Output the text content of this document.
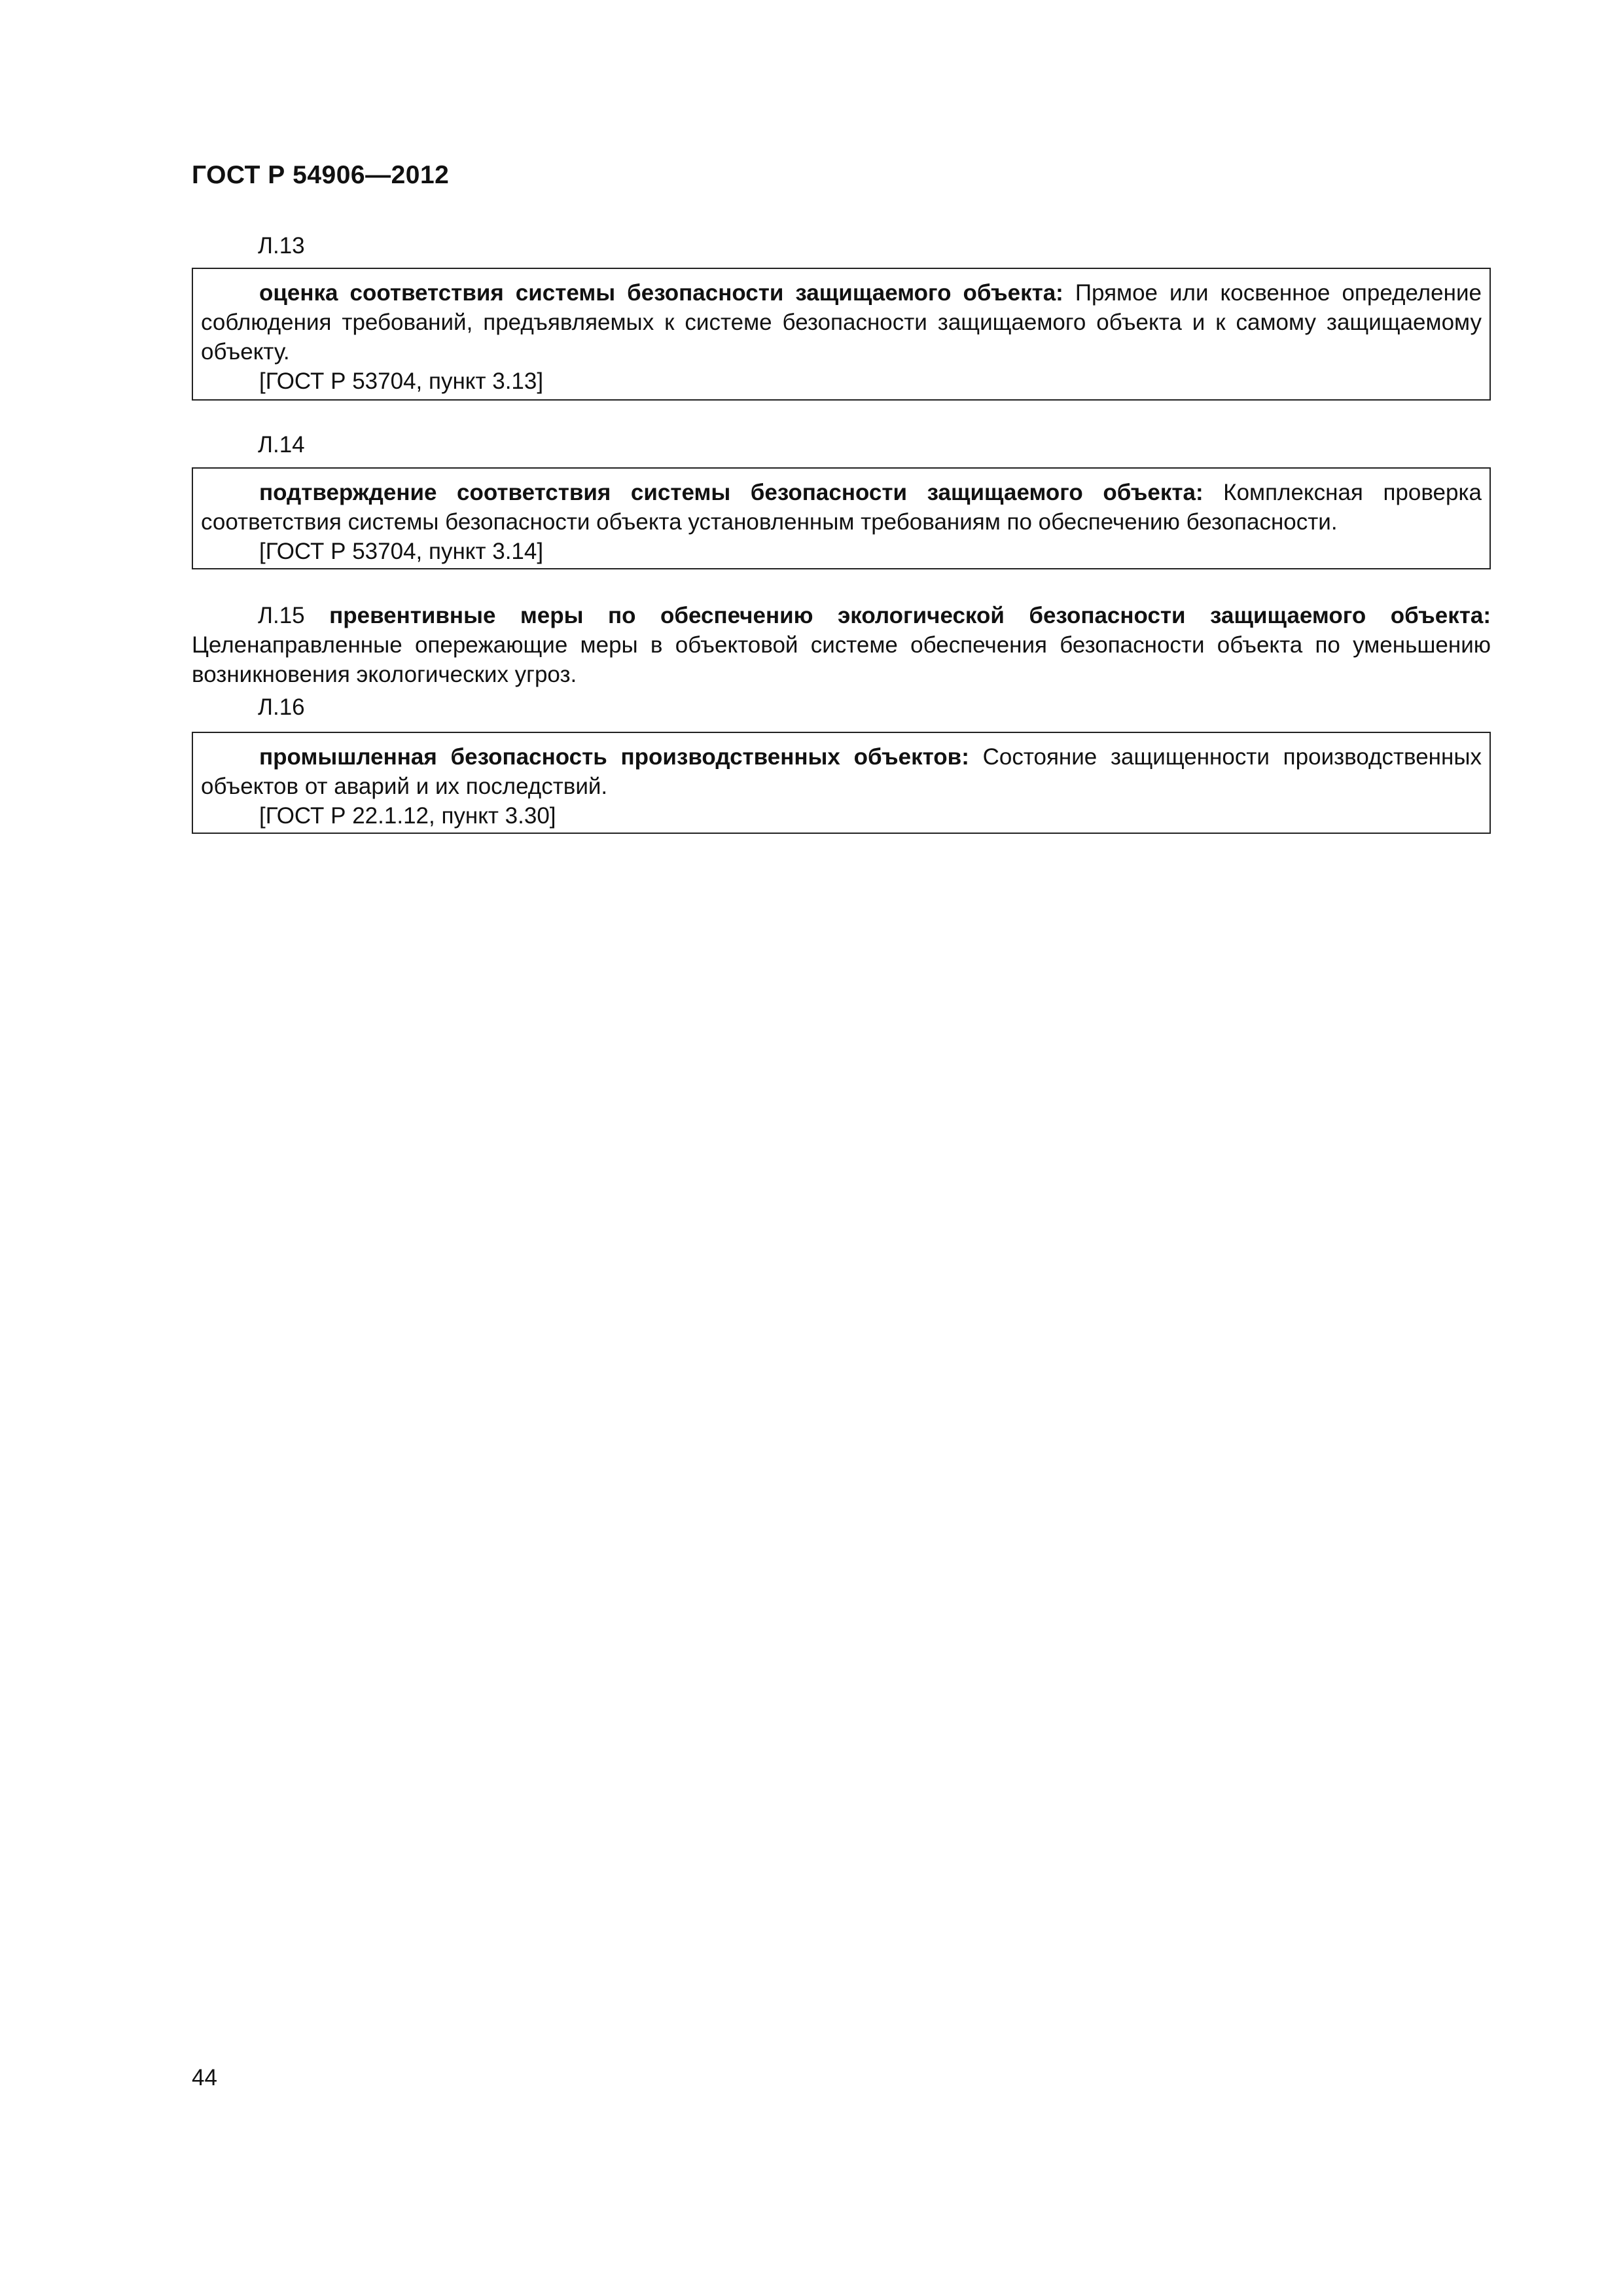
ГОСТ Р 54906—2012
Л.13

оценка соответствия системы безопасности защищаемого объекта: Прямое или косвенное определение соблюдения требований, предъявляемых к системе безопасности защищаемого объекта и к самому защищаемому объекту.

[ГОСТ Р 53704, пункт 3.13]

Л.14

подтверждение соответствия системы безопасности защищаемого объекта: Комплексная проверка соответствия системы безопасности объекта установленным требованиям по обеспечению безопасности.

[ГОСТ Р 53704, пункт 3.14]

Л.15 превентивные меры по обеспечению экологической безопасности защищаемого объекта: Целенаправленные опережающие меры в объектовой системе обеспечения безопасности объекта по уменьшению возникновения экологических угроз.

Л.16

промышленная безопасность производственных объектов: Состояние защищенности производственных объектов от аварий и их последствий.

[ГОСТ Р 22.1.12, пункт 3.30]

44
